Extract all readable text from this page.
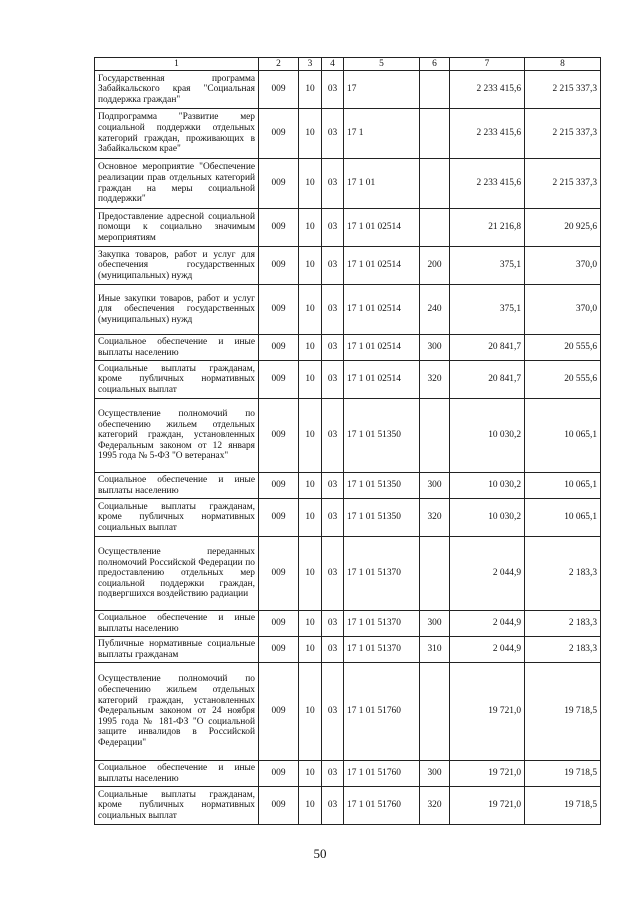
1	2	3	4	5	6	7	8
Государственная программа Забайкальского края "Социальная поддержка граждан"	009	10	03	17		2 233 415,6	2 215 337,3
Подпрограмма "Развитие мер социальной поддержки отдельных категорий граждан, проживающих в Забайкальском крае"	009	10	03	17 1		2 233 415,6	2 215 337,3
Основное мероприятие "Обеспечение реализации прав отдельных категорий граждан на меры социальной поддержки"	009	10	03	17 1 01		2 233 415,6	2 215 337,3
Предоставление адресной социальной помощи к социально значимым мероприятиям	009	10	03	17 1 01 02514		21 216,8	20 925,6
Закупка товаров, работ и услуг для обеспечения государственных (муниципальных) нужд	009	10	03	17 1 01 02514	200	375,1	370,0
Иные закупки товаров, работ и услуг для обеспечения государственных (муниципальных) нужд	009	10	03	17 1 01 02514	240	375,1	370,0
Социальное обеспечение и иные выплаты населению	009	10	03	17 1 01 02514	300	20 841,7	20 555,6
Социальные выплаты гражданам, кроме публичных нормативных социальных выплат	009	10	03	17 1 01 02514	320	20 841,7	20 555,6
Осуществление полномочий по обеспечению жильем отдельных категорий граждан, установленных Федеральным законом от 12 января 1995 года № 5-ФЗ "О ветеранах"	009	10	03	17 1 01 51350		10 030,2	10 065,1
Социальное обеспечение и иные выплаты населению	009	10	03	17 1 01 51350	300	10 030,2	10 065,1
Социальные выплаты гражданам, кроме публичных нормативных социальных выплат	009	10	03	17 1 01 51350	320	10 030,2	10 065,1
Осуществление переданных полномочий Российской Федерации по предоставлению отдельных мер социальной поддержки граждан, подвергшихся воздействию радиации	009	10	03	17 1 01 51370		2 044,9	2 183,3
Социальное обеспечение и иные выплаты населению	009	10	03	17 1 01 51370	300	2 044,9	2 183,3
Публичные нормативные социальные выплаты гражданам	009	10	03	17 1 01 51370	310	2 044,9	2 183,3
Осуществление полномочий по обеспечению жильем отдельных категорий граждан, установленных Федеральным законом от 24 ноября 1995 года № 181-ФЗ "О социальной защите инвалидов в Российской Федерации"	009	10	03	17 1 01 51760		19 721,0	19 718,5
Социальное обеспечение и иные выплаты населению	009	10	03	17 1 01 51760	300	19 721,0	19 718,5
Социальные выплаты гражданам, кроме публичных нормативных социальных выплат	009	10	03	17 1 01 51760	320	19 721,0	19 718,5
50
